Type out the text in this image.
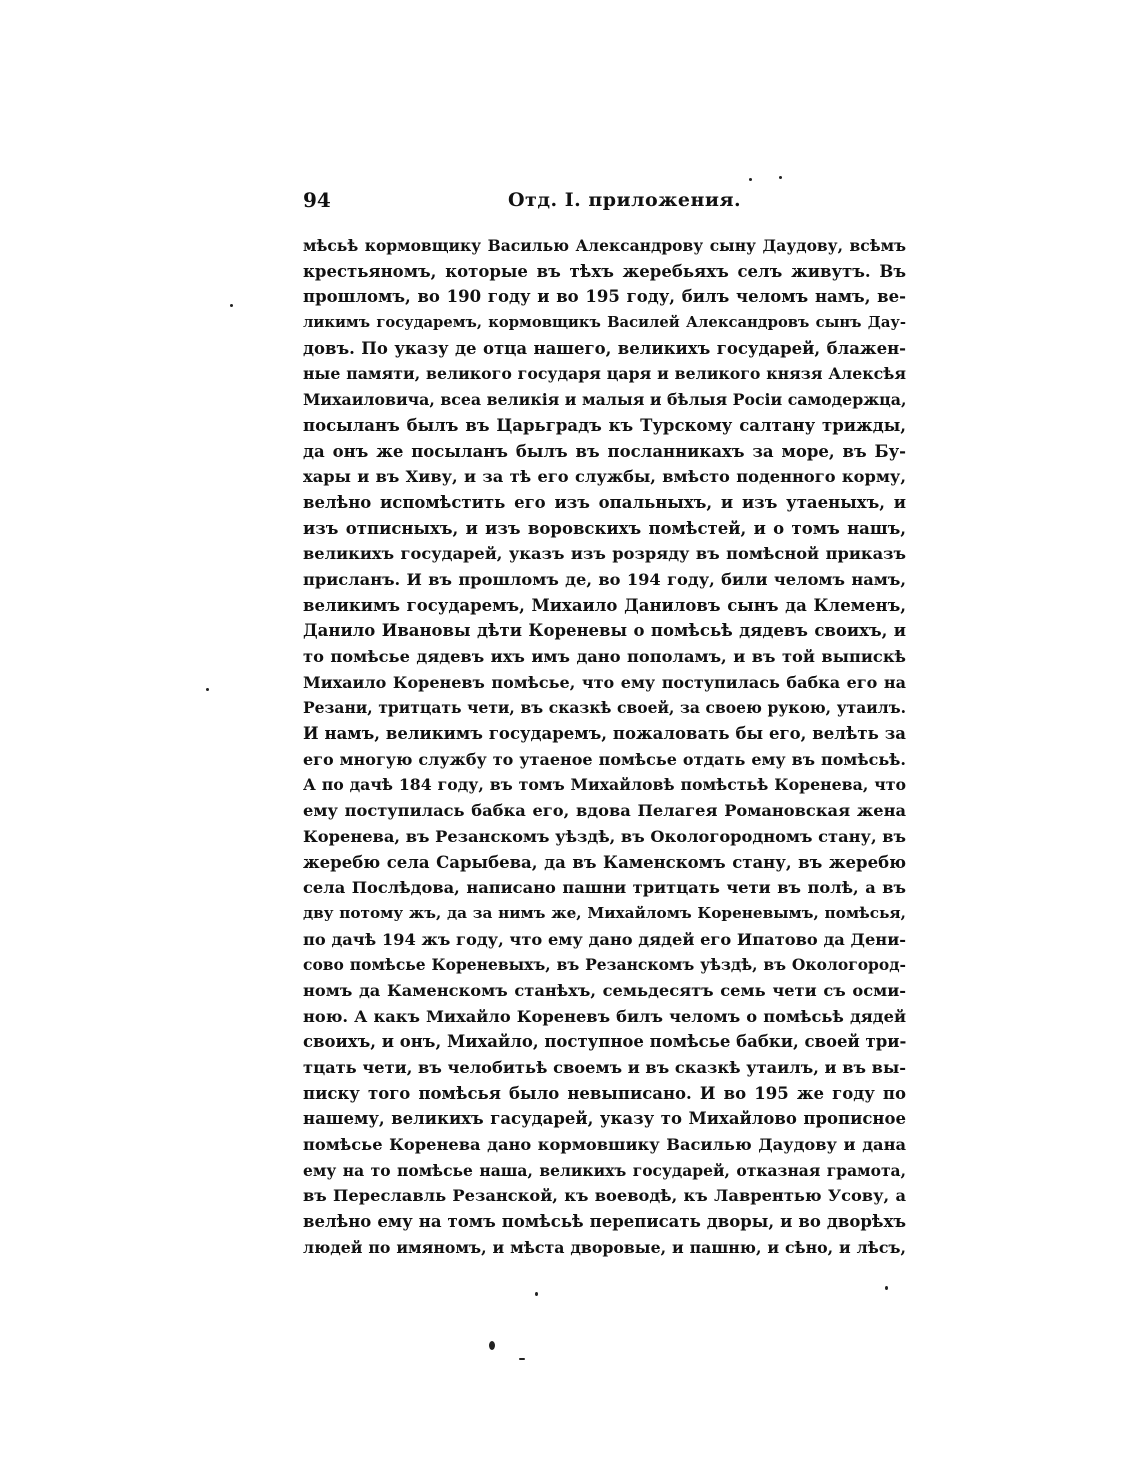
94	Отд. I. приложения.
мѣсьѣ кормовщику Василью Александрову сыну Даудову, всѣмъ
крестьяномъ, которые въ тѣхъ жеребьяхъ селъ живутъ. Въ
прошломъ, во 190 году и во 195 году, билъ челомъ намъ, ве-
ликимъ государемъ, кормовщикъ Василей Александровъ сынъ Дау-
довъ. По указу де отца нашего, великихъ государей, блажен-
ные памяти, великого государя царя и великого князя Алексѣя
Михаиловича, всеа великiя и малыя и бѣлыя Росiи самодержца,
посыланъ былъ въ Царьградъ къ Турскому салтану трижды,
да онъ же посыланъ былъ въ посланникахъ за море, въ Бу-
хары и въ Хиву, и за тѣ его службы, вмѣсто поденного корму,
велѣно испомѣстить его изъ опальныхъ, и изъ утаеныхъ, и
изъ отписныхъ, и изъ воровскихъ помѣстей, и о томъ нашъ,
великихъ государей, указъ изъ розряду въ помѣсной приказъ
присланъ. И въ прошломъ де, во 194 году, били челомъ намъ,
великимъ государемъ, Михаило Даниловъ сынъ да Клеменъ,
Данило Ивановы дѣти Кореневы о помѣсьѣ дядевъ своихъ, и
то помѣсье дядевъ ихъ имъ дано пополамъ, и въ той выпискѣ
Михаило Кореневъ помѣсье, что ему поступилась бабка его на
Резани, тритцать чети, въ сказкѣ своей, за своею рукою, утаилъ.
И намъ, великимъ государемъ, пожаловать бы его, велѣть за
его многую службу то утаеное помѣсье отдать ему въ помѣсьѣ.
А по дачѣ 184 году, въ томъ Михайловѣ помѣстьѣ Коренева, что
ему поступилась бабка его, вдова Пелагея Романовская жена
Коренева, въ Резанскомъ уѣздѣ, въ Окологородномъ стану, въ
жеребю села Сарыбева, да въ Каменскомъ стану, въ жеребю
села Послѣдова, написано пашни тритцать чети въ полѣ, а въ
дву потому жъ, да за нимъ же, Михайломъ Кореневымъ, помѣсья,
по дачѣ 194 жъ году, что ему дано дядей его Ипатово да Дени-
сово помѣсье Кореневыхъ, въ Резанскомъ уѣздѣ, въ Окологород-
номъ да Каменскомъ станѣхъ, семьдесятъ семь чети съ осми-
ною. А какъ Михайло Кореневъ билъ челомъ о помѣсьѣ дядей
своихъ, и онъ, Михайло, поступное помѣсье бабки, своей три-
тцать чети, въ челобитьѣ своемъ и въ сказкѣ утаилъ, и въ вы-
писку того помѣсья было невыписано. И во 195 же году по
нашему, великихъ гасударей, указу то Михайлово прописное
помѣсье Коренева дано кормовшику Василью Даудову и дана
ему на то помѣсье наша, великихъ государей, отказная грамота,
въ Переславль Резанской, къ воеводѣ, къ Лаврентью Усову, а
велѣно ему на томъ помѣсьѣ переписать дворы, и во дворѣхъ
людей по имяномъ, и мѣста дворовые, и пашню, и сѣно, и лѣсъ,
